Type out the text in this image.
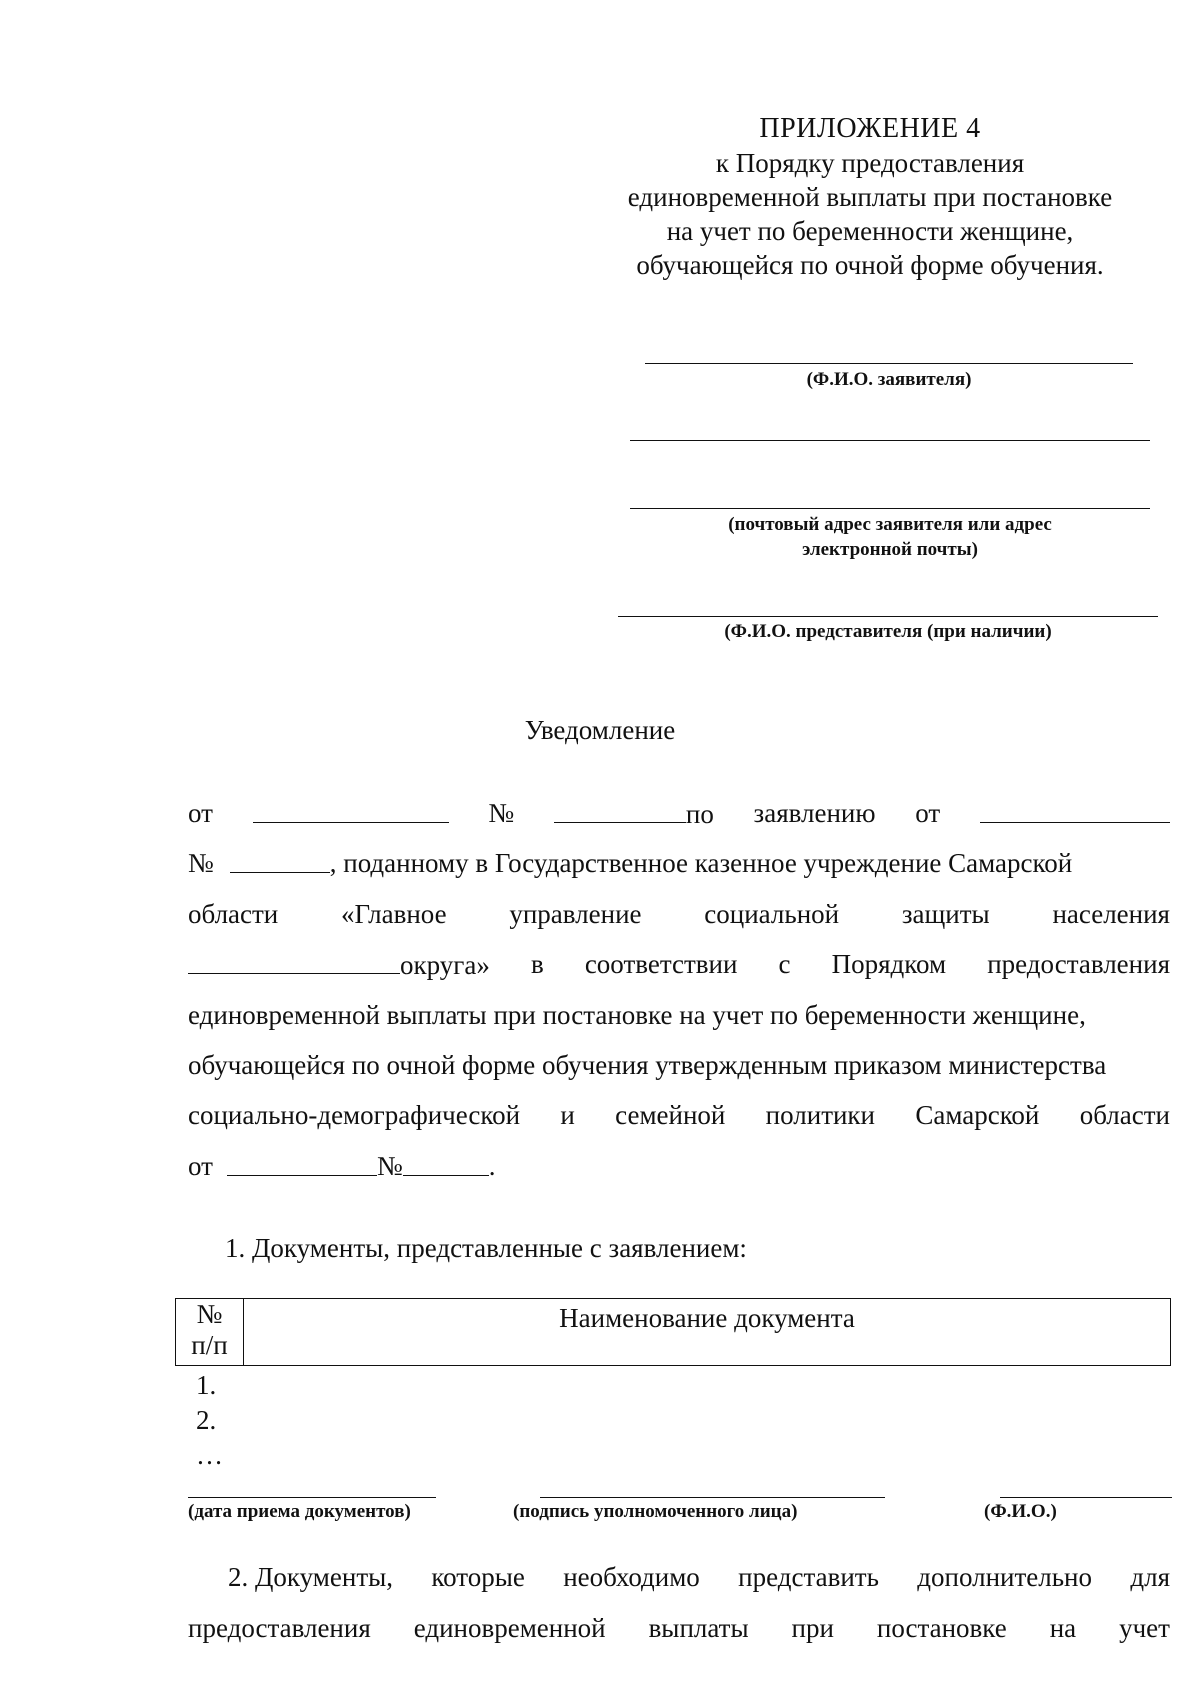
ПРИЛОЖЕНИЕ 4
к Порядку предоставления
единовременной выплаты при постановке
на учет по беременности женщине,
обучающейся по очной форме обучения.
(Ф.И.О. заявителя)
(почтовый адрес заявителя или адрес
электронной почты)
(Ф.И.О. представителя (при наличии)
Уведомление
от	№	по заявлению от
№	, поданному в Государственное казенное учреждение Самарской
области «Главное управление социальной защиты населения
округа» в соответствии с Порядком предоставления
единовременной выплаты при постановке на учет по беременности женщине,
обучающейся по очной форме обучения утвержденным приказом министерства
социально-демографической и семейной политики Самарской области
от	№	.
1. Документы, представленные с заявлением:
№
п/п
	Наименование документа
1.
2.
…
(дата приема документов)	(подпись уполномоченного лица)	(Ф.И.О.)
2. Документы, которые необходимо представить дополнительно для
предоставления единовременной выплаты при постановке на учет
